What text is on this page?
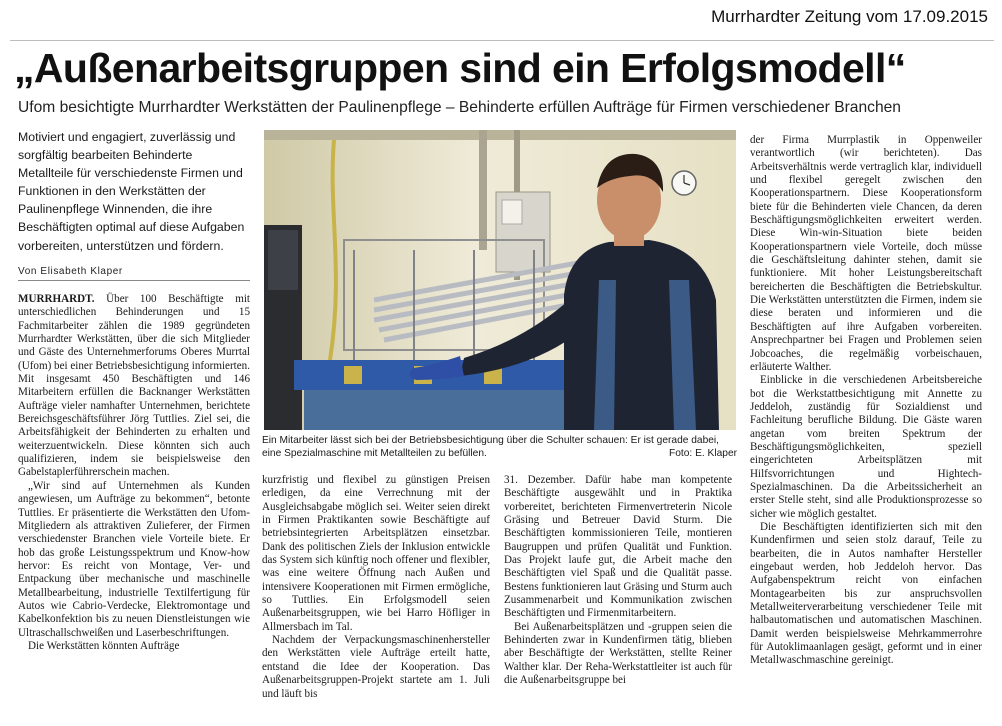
Murrhardter Zeitung vom 17.09.2015
„Außenarbeitsgruppen sind ein Erfolgsmodell“
Ufom besichtigte Murrhardter Werkstätten der Paulinenpflege – Behinderte erfüllen Aufträge für Firmen verschiedener Branchen

Motiviert und engagiert, zuverlässig und sorgfältig bearbeiten Behinderte Metallteile für verschiedenste Firmen und Funktionen in den Werkstätten der Paulinenpflege Winnenden, die ihre Beschäftigten optimal auf diese Aufgaben vorbereiten, unterstützen und fördern.

Von Elisabeth Klaper

MURRHARDT. Über 100 Beschäftigte mit unterschiedlichen Behinderungen und 15 Fachmitarbeiter zählen die 1989 gegründeten Murrhardter Werkstätten, über die sich Mitglieder und Gäste des Unternehmerforums Oberes Murrtal (Ufom) bei einer Betriebsbesichtigung informierten. Mit insgesamt 450 Beschäftigten und 146 Mitarbeitern erfüllen die Backnanger Werkstätten Aufträge vieler namhafter Unternehmen, berichtete Bereichsgeschäftsführer Jörg Tuttlies. Ziel sei, die Arbeitsfähigkeit der Behinderten zu erhalten und weiterzuentwickeln. Diese könnten sich auch qualifizieren, indem sie beispielsweise den Gabelstaplerführerschein machen.

„Wir sind auf Unternehmen als Kunden angewiesen, um Aufträge zu bekommen“, betonte Tuttlies. Er präsentierte die Werkstätten den Ufom-Mitgliedern als attraktiven Zulieferer, der Firmen verschiedenster Branchen viele Vorteile biete. Er hob das große Leistungsspektrum und Know-how hervor: Es reicht von Montage, Ver- und Entpackung über mechanische und maschinelle Metallbearbeitung, industrielle Textilfertigung für Autos wie Cabrio-Verdecke, Elektromontage und Kabelkonfektion bis zu neuen Dienstleistungen wie Ultraschallschweißen und Laserbeschriftungen.

Die Werkstätten könnten Aufträge

Ein Mitarbeiter lässt sich bei der Betriebsbesichtigung über die Schulter schauen: Er ist gerade dabei, eine Spezialmaschine mit Metallteilen zu befüllen.	Foto: E. Klaper

kurzfristig und flexibel zu günstigen Preisen erledigen, da eine Verrechnung mit der Ausgleichsabgabe möglich sei. Weiter seien direkt in Firmen Praktikanten sowie Beschäftigte auf betriebsintegrierten Arbeitsplätzen einsetzbar. Dank des politischen Ziels der Inklusion entwickle das System sich künftig noch offener und flexibler, was eine weitere Öffnung nach Außen und intensivere Kooperationen mit Firmen ermögliche, so Tuttlies. Ein Erfolgsmodell seien Außenarbeitsgruppen, wie bei Harro Höfliger in Allmersbach im Tal.

Nachdem der Verpackungsmaschinenhersteller den Werkstätten viele Aufträge erteilt hatte, entstand die Idee der Kooperation. Das Außenarbeitsgruppen-Projekt startete am 1. Juli und läuft bis

31. Dezember. Dafür habe man kompetente Beschäftigte ausgewählt und in Praktika vorbereitet, berichteten Firmenvertreterin Nicole Gräsing und Betreuer David Sturm. Die Beschäftigten kommissionieren Teile, montieren Baugruppen und prüfen Qualität und Funktion. Das Projekt laufe gut, die Arbeit mache den Beschäftigten viel Spaß und die Qualität passe. Bestens funktionieren laut Gräsing und Sturm auch Zusammenarbeit und Kommunikation zwischen Beschäftigten und Firmenmitarbeitern.

Bei Außenarbeitsplätzen und -gruppen seien die Behinderten zwar in Kundenfirmen tätig, blieben aber Beschäftigte der Werkstätten, stellte Reiner Walther klar. Der Reha-Werkstattleiter ist auch für die Außenarbeitsgruppe bei

der Firma Murrplastik in Oppenweiler verantwortlich (wir berichteten). Das Arbeitsverhältnis werde vertraglich klar, individuell und flexibel geregelt zwischen den Kooperationspartnern. Diese Kooperationsform biete für die Behinderten viele Chancen, da deren Beschäftigungsmöglichkeiten erweitert werden. Diese Win-win-Situation biete beiden Kooperationspartnern viele Vorteile, doch müsse die Geschäftsleitung dahinter stehen, damit sie funktioniere. Mit hoher Leistungsbereitschaft bereicherten die Beschäftigten die Betriebskultur. Die Werkstätten unterstützten die Firmen, indem sie diese beraten und informieren und die Beschäftigten auf ihre Aufgaben vorbereiten. Ansprechpartner bei Fragen und Problemen seien Jobcoaches, die regelmäßig vorbeischauen, erläuterte Walther.

Einblicke in die verschiedenen Arbeitsbereiche bot die Werkstattbesichtigung mit Annette zu Jeddeloh, zuständig für Sozialdienst und Fachleitung berufliche Bildung. Die Gäste waren angetan vom breiten Spektrum der Beschäftigungsmöglichkeiten, speziell eingerichteten Arbeitsplätzen mit Hilfsvorrichtungen und Hightech-Spezialmaschinen. Da die Arbeitssicherheit an erster Stelle steht, sind alle Produktionsprozesse so sicher wie möglich gestaltet.

Die Beschäftigten identifizierten sich mit den Kundenfirmen und seien stolz darauf, Teile zu bearbeiten, die in Autos namhafter Hersteller eingebaut werden, hob Jeddeloh hervor. Das Aufgabenspektrum reicht von einfachen Montagearbeiten bis zur anspruchsvollen Metallweiterverarbeitung verschiedener Teile mit halbautomatischen und automatischen Maschinen. Damit werden beispielsweise Mehrkammerrohre für Autoklimaanlagen gesägt, geformt und in einer Metallwaschmaschine gereinigt.
